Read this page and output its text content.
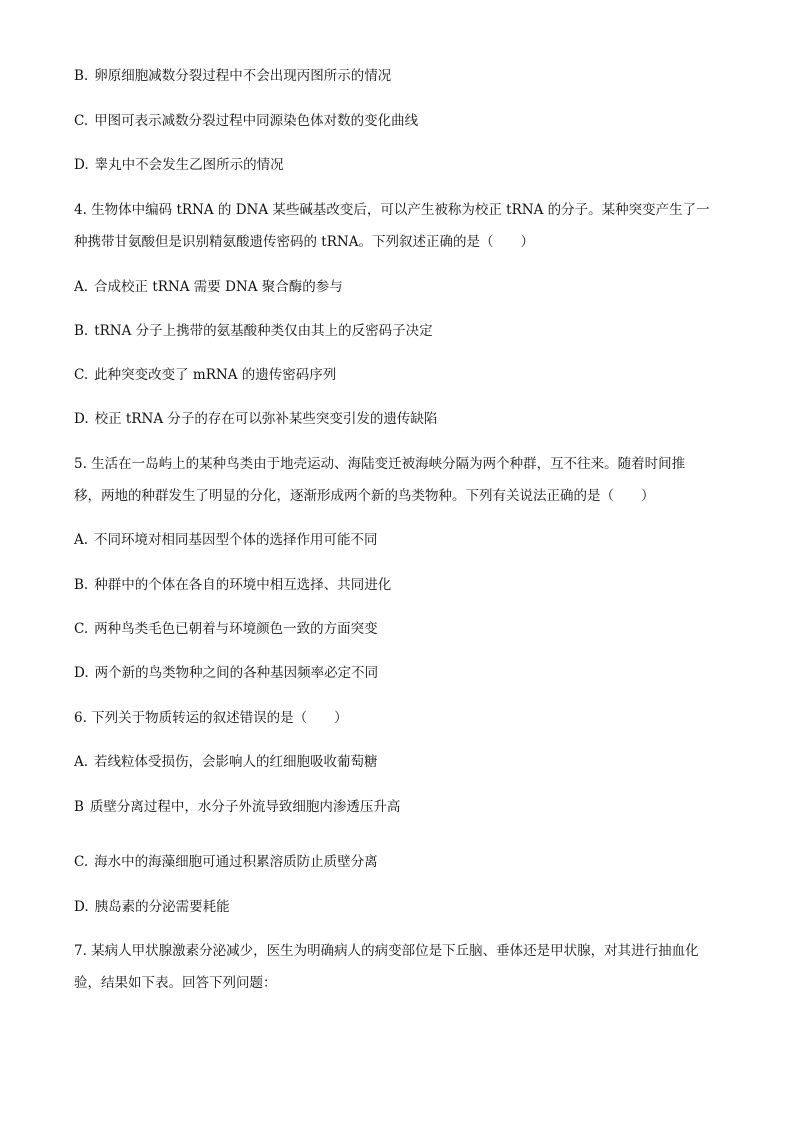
B. 卵原细胞减数分裂过程中不会出现丙图所示的情况
C. 甲图可表示减数分裂过程中同源染色体对数的变化曲线
D. 睾丸中不会发生乙图所示的情况
4. 生物体中编码 tRNA 的 DNA 某些碱基改变后，可以产生被称为校正 tRNA 的分子。某种突变产生了一
种携带甘氨酸但是识别精氨酸遗传密码的 tRNA。下列叙述正确的是（　　）
A. 合成校正 tRNA 需要 DNA 聚合酶的参与
B. tRNA 分子上携带的氨基酸种类仅由其上的反密码子决定
C. 此种突变改变了 mRNA 的遗传密码序列
D. 校正 tRNA 分子的存在可以弥补某些突变引发的遗传缺陷
5. 生活在一岛屿上的某种鸟类由于地壳运动、海陆变迁被海峡分隔为两个种群，互不往来。随着时间推
移，两地的种群发生了明显的分化，逐渐形成两个新的鸟类物种。下列有关说法正确的是（　　）
A. 不同环境对相同基因型个体的选择作用可能不同
B. 种群中的个体在各自的环境中相互选择、共同进化
C. 两种鸟类毛色已朝着与环境颜色一致的方面突变
D. 两个新的鸟类物种之间的各种基因频率必定不同
6. 下列关于物质转运的叙述错误的是（　　）
A. 若线粒体受损伤，会影响人的红细胞吸收葡萄糖
B 质壁分离过程中，水分子外流导致细胞内渗透压升高
C. 海水中的海藻细胞可通过积累溶质防止质壁分离
D. 胰岛素的分泌需要耗能
7. 某病人甲状腺激素分泌减少，医生为明确病人的病变部位是下丘脑、垂体还是甲状腺，对其进行抽血化
验，结果如下表。回答下列问题：
